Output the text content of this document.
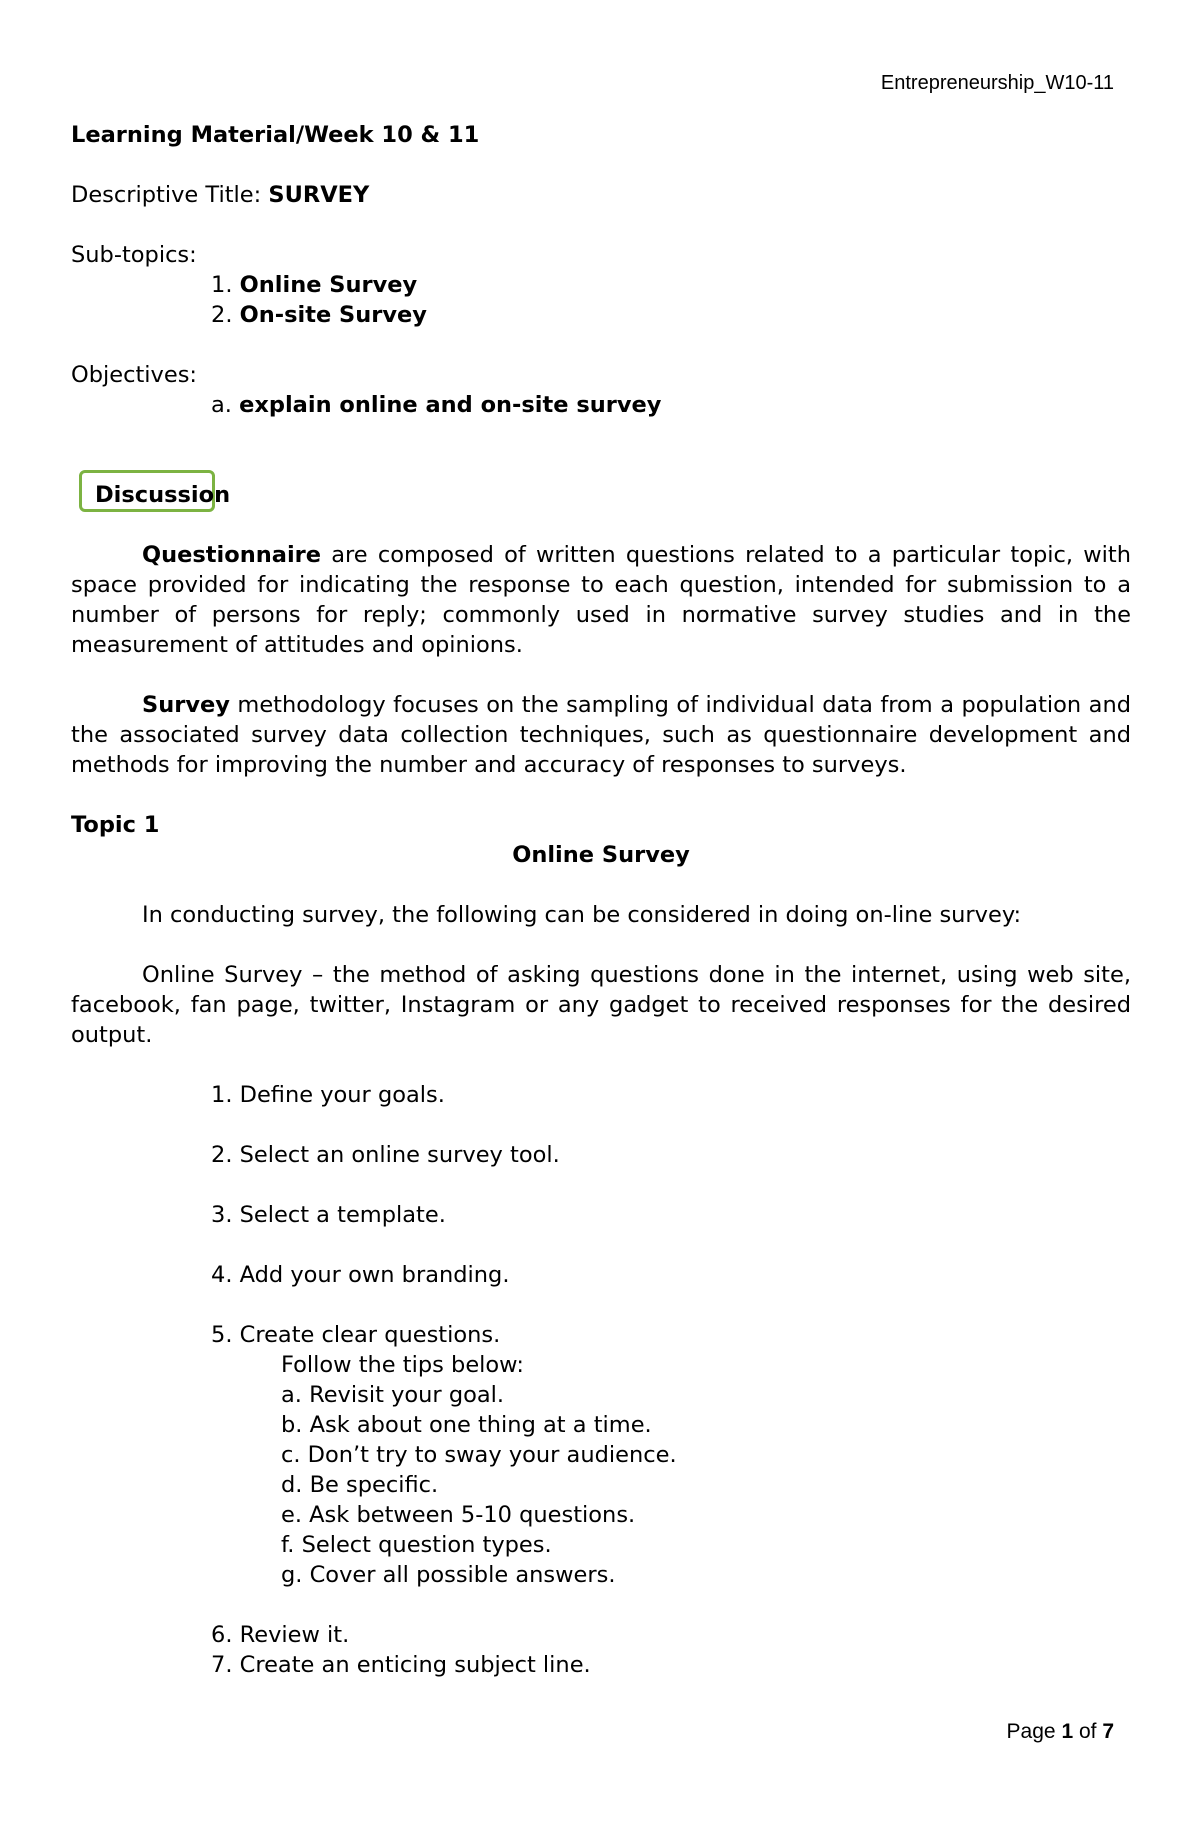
Entrepreneurship_W10-11

Learning Material/Week 10 & 11

Descriptive Title: SURVEY

Sub-topics:

1. Online Survey

2. On-site Survey

Objectives:

a. explain online and on-site survey

Discussion

Questionnaire are composed of written questions related to a particular topic, with space provided for indicating the response to each question, intended for submission to a number of persons for reply; commonly used in normative survey studies and in the measurement of attitudes and opinions.

Survey methodology focuses on the sampling of individual data from a population and the associated survey data collection techniques, such as questionnaire development and methods for improving the number and accuracy of responses to surveys.

Topic 1

Online Survey

In conducting survey, the following can be considered in doing on-line survey:

Online Survey – the method of asking questions done in the internet, using web site, facebook, fan page, twitter, Instagram or any gadget to received responses for the desired output.

1. Define your goals.

2. Select an online survey tool.

3. Select a template.

4. Add your own branding.

5. Create clear questions.

Follow the tips below:

a. Revisit your goal.

b. Ask about one thing at a time.

c. Don’t try to sway your audience.

d. Be specific.

e. Ask between 5-10 questions.

f. Select question types.

g. Cover all possible answers.

6. Review it.

7. Create an enticing subject line.

Page 1 of 7
